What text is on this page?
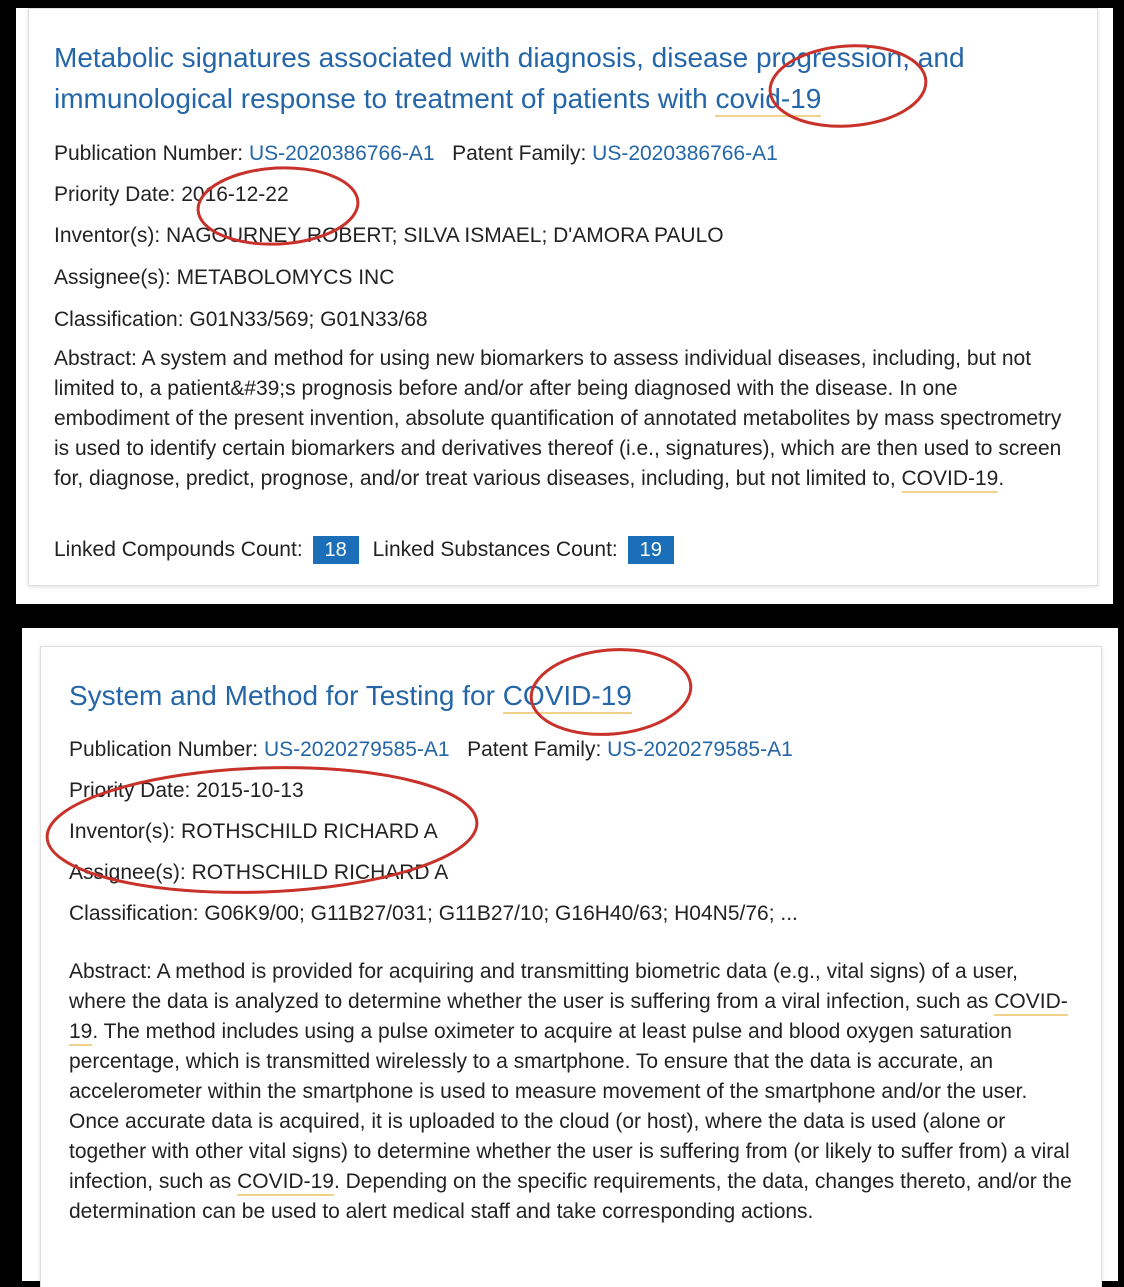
Metabolic signatures associated with diagnosis, disease progression, and immunological response to treatment of patients with covid-19
Publication Number: US-2020386766-A1 Patent Family: US-2020386766-A1
Priority Date: 2016-12-22
Inventor(s): NAGOURNEY ROBERT; SILVA ISMAEL; D'AMORA PAULO
Assignee(s): METABOLOMYCS INC
Classification: G01N33/569; G01N33/68

Abstract: A system and method for using new biomarkers to assess individual diseases, including, but not limited to, a patient&#39;s prognosis before and/or after being diagnosed with the disease. In one embodiment of the present invention, absolute quantification of annotated metabolites by mass spectrometry is used to identify certain biomarkers and derivatives thereof (i.e., signatures), which are then used to screen for, diagnose, predict, prognose, and/or treat various diseases, including, but not limited to, COVID-19.

Linked Compounds Count: 18 Linked Substances Count: 19
System and Method for Testing for COVID-19
Publication Number: US-2020279585-A1 Patent Family: US-2020279585-A1
Priority Date: 2015-10-13
Inventor(s): ROTHSCHILD RICHARD A
Assignee(s): ROTHSCHILD RICHARD A
Classification: G06K9/00; G11B27/031; G11B27/10; G16H40/63; H04N5/76; ...

Abstract: A method is provided for acquiring and transmitting biometric data (e.g., vital signs) of a user, where the data is analyzed to determine whether the user is suffering from a viral infection, such as COVID-19. The method includes using a pulse oximeter to acquire at least pulse and blood oxygen saturation percentage, which is transmitted wirelessly to a smartphone. To ensure that the data is accurate, an accelerometer within the smartphone is used to measure movement of the smartphone and/or the user. Once accurate data is acquired, it is uploaded to the cloud (or host), where the data is used (alone or together with other vital signs) to determine whether the user is suffering from (or likely to suffer from) a viral infection, such as COVID-19. Depending on the specific requirements, the data, changes thereto, and/or the determination can be used to alert medical staff and take corresponding actions.
